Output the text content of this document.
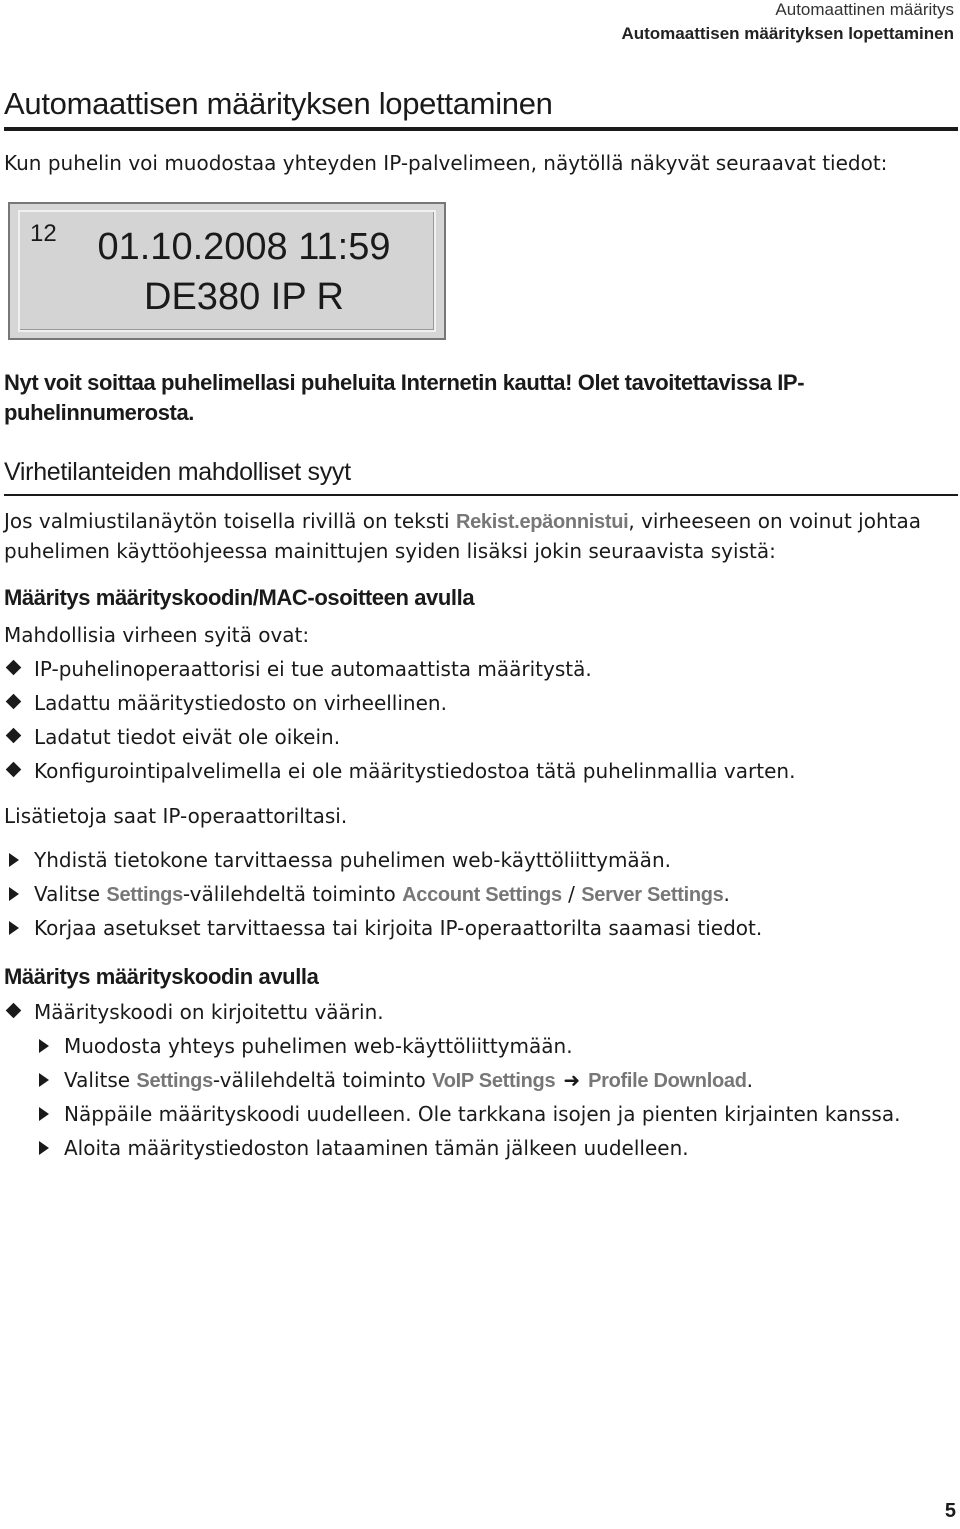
Automaattinen määritys
Automaattisen määrityksen lopettaminen
Automaattisen määrityksen lopettaminen
Kun puhelin voi muodostaa yhteyden IP-palvelimeen, näytöllä näkyvät seuraavat tiedot:
12	01.10.2008 11:59
DE380 IP R
Nyt voit soittaa puhelimellasi puheluita Internetin kautta! Olet tavoitettavissa IP-
puhelinnumerosta.
Virhetilanteiden mahdolliset syyt
Jos valmiustilanäytön toisella rivillä on teksti Rekist.epäonnistui, virheeseen on voinut johtaa
puhelimen käyttöohjeessa mainittujen syiden lisäksi jokin seuraavista syistä:
Määritys määrityskoodin/MAC-osoitteen avulla
Mahdollisia virheen syitä ovat:
IP-puhelinoperaattorisi ei tue automaattista määritystä.
Ladattu määritystiedosto on virheellinen.
Ladatut tiedot eivät ole oikein.
Konfigurointipalvelimella ei ole määritystiedostoa tätä puhelinmallia varten.
Lisätietoja saat IP-operaattoriltasi.
Yhdistä tietokone tarvittaessa puhelimen web-käyttöliittymään.
Valitse Settings-välilehdeltä toiminto Account Settings / Server Settings.
Korjaa asetukset tarvittaessa tai kirjoita IP-operaattorilta saamasi tiedot.
Määritys määrityskoodin avulla
Määrityskoodi on kirjoitettu väärin.
Muodosta yhteys puhelimen web-käyttöliittymään.
Valitse Settings-välilehdeltä toiminto VoIP Settings ➜ Profile Download.
Näppäile määrityskoodi uudelleen. Ole tarkkana isojen ja pienten kirjainten kanssa.
Aloita määritystiedoston lataaminen tämän jälkeen uudelleen.
5
